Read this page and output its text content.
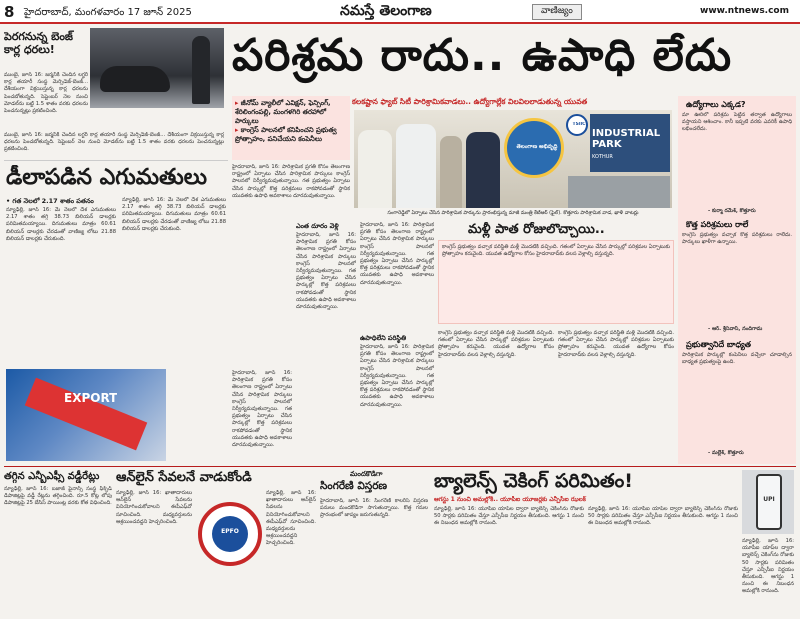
8 హైదరాబాద్, మంగళవారం 17 జూన్ 2025	నమస్తే తెలంగాణ	వాణిజ్యం	www.ntnews.com
పెరగనున్న బెంజ్ కార్ల ధరలు!
ముంబై, జూన్ 16: జర్మనీకి చెందిన లగ్జరీ కార్ల తయారీ సంస్థ మెర్సిడెజ్-బెంజ్... దేశీయంగా విక్రయిస్తున్న కార్ల ధరలను పెంచబోతున్నది. సెప్టెంబర్ నెల నుంచి మోడల్‌ను బట్టి 1.5 శాతం వరకు ధరలను పెంచనున్నట్లు ప్రకటించింది.
ముంబై, జూన్ 16: జర్మనీకి చెందిన లగ్జరీ కార్ల తయారీ సంస్థ మెర్సిడెజ్-బెంజ్... దేశీయంగా విక్రయిస్తున్న కార్ల ధరలను పెంచబోతున్నది. సెప్టెంబర్ నెల నుంచి మోడల్‌ను బట్టి 1.5 శాతం వరకు ధరలను పెంచనున్నట్లు ప్రకటించింది.
డీలాపడిన ఎగుమతులు
• గత నెలలో 2.17 శాతం పతనం
న్యూఢిల్లీ, జూన్ 16: మే నెలలో దేశ ఎగుమతులు 2.17 శాతం తగ్గి 38.73 బిలియన్ డాలర్లకు పరిమితమయ్యాయి. దిగుమతులు మాత్రం 60.61 బిలియన్ డాలర్లకు చేరడంతో వాణిజ్య లోటు 21.88 బిలియన్ డాలర్లకు చేరుకుంది.
న్యూఢిల్లీ, జూన్ 16: మే నెలలో దేశ ఎగుమతులు 2.17 శాతం తగ్గి 38.73 బిలియన్ డాలర్లకు పరిమితమయ్యాయి. దిగుమతులు మాత్రం 60.61 బిలియన్ డాలర్లకు చేరడంతో వాణిజ్య లోటు 21.88 బిలియన్ డాలర్లకు చేరుకుంది.
EXPORT
పరిశ్రమ రాదు.. ఉపాధి లేదు
▸ జీనోమ్ వ్యాలీలో ఎవిక్షన్, ఫెన్సింగ్, శేరిలింగంపల్లి, మంగళగిరి తరహాలో పార్కులు
▸ కాంగ్రెస్ పాలనలో కనిపించని ప్రభుత్వ ప్రోత్సాహం, పనిచేయని కంపెనీలు
కలకష్టాన ఫ్యాబ్ సిటీ పారిశ్రామికవాడలు.. ఉద్యోగాల్లేక విలవిలలాడుతున్న యువత
తెలంగాణ అభివృద్ధి
TSIIC
INDUSTRIAL PARK
KOTHUR
సంగారెడ్డిలో ఏర్పాటు చేసిన పారిశ్రామిక పార్కును ప్రారంభిస్తున్న మాజీ మంత్రి కేటీఆర్ (ఫైల్). కొత్తూరు పారిశ్రామిక వాడ, ఖాళీ వాటర్లు
హైదరాబాద్, జూన్ 16: పారిశ్రామిక ప్రగతి కోసం తెలంగాణ రాష్ట్రంలో ఏర్పాటు చేసిన పారిశ్రామిక పార్కులు కాంగ్రెస్ పాలనలో నిర్వీర్యమవుతున్నాయి. గత ప్రభుత్వం ఏర్పాటు చేసిన పార్కుల్లో కొత్త పరిశ్రమలు రాకపోవడంతో స్థానిక యువతకు ఉపాధి అవకాశాలు దూరమవుతున్నాయి.
హైదరాబాద్, జూన్ 16: పారిశ్రామిక ప్రగతి కోసం తెలంగాణ రాష్ట్రంలో ఏర్పాటు చేసిన పారిశ్రామిక పార్కులు కాంగ్రెస్ పాలనలో నిర్వీర్యమవుతున్నాయి. గత ప్రభుత్వం ఏర్పాటు చేసిన పార్కుల్లో కొత్త పరిశ్రమలు రాకపోవడంతో స్థానిక యువతకు ఉపాధి అవకాశాలు దూరమవుతున్నాయి.
ఎంత దూరం వెళ్లి
హైదరాబాద్, జూన్ 16: పారిశ్రామిక ప్రగతి కోసం తెలంగాణ రాష్ట్రంలో ఏర్పాటు చేసిన పారిశ్రామిక పార్కులు కాంగ్రెస్ పాలనలో నిర్వీర్యమవుతున్నాయి. గత ప్రభుత్వం ఏర్పాటు చేసిన పార్కుల్లో కొత్త పరిశ్రమలు రాకపోవడంతో స్థానిక యువతకు ఉపాధి అవకాశాలు దూరమవుతున్నాయి.
హైదరాబాద్, జూన్ 16: పారిశ్రామిక ప్రగతి కోసం తెలంగాణ రాష్ట్రంలో ఏర్పాటు చేసిన పారిశ్రామిక పార్కులు కాంగ్రెస్ పాలనలో నిర్వీర్యమవుతున్నాయి. గత ప్రభుత్వం ఏర్పాటు చేసిన పార్కుల్లో కొత్త పరిశ్రమలు రాకపోవడంతో స్థానిక యువతకు ఉపాధి అవకాశాలు దూరమవుతున్నాయి.
ఉపాధిలేని పరిస్థితి
హైదరాబాద్, జూన్ 16: పారిశ్రామిక ప్రగతి కోసం తెలంగాణ రాష్ట్రంలో ఏర్పాటు చేసిన పారిశ్రామిక పార్కులు కాంగ్రెస్ పాలనలో నిర్వీర్యమవుతున్నాయి. గత ప్రభుత్వం ఏర్పాటు చేసిన పార్కుల్లో కొత్త పరిశ్రమలు రాకపోవడంతో స్థానిక యువతకు ఉపాధి అవకాశాలు దూరమవుతున్నాయి.
మళ్లీ పాత రోజులొచ్చాయి..
కాంగ్రెస్ ప్రభుత్వం వచ్చాక పరిస్థితి మళ్లీ మొదటికి వచ్చింది. గతంలో ఏర్పాటు చేసిన పార్కుల్లో పరిశ్రమల ఏర్పాటుకు ప్రోత్సాహం కరువైంది. యువత ఉద్యోగాల కోసం హైదరాబాద్‌కు వలస వెళ్లాల్సి వస్తున్నది.
కాంగ్రెస్ ప్రభుత్వం వచ్చాక పరిస్థితి మళ్లీ మొదటికి వచ్చింది. గతంలో ఏర్పాటు చేసిన పార్కుల్లో పరిశ్రమల ఏర్పాటుకు ప్రోత్సాహం కరువైంది. యువత ఉద్యోగాల కోసం హైదరాబాద్‌కు వలస వెళ్లాల్సి వస్తున్నది.
కాంగ్రెస్ ప్రభుత్వం వచ్చాక పరిస్థితి మళ్లీ మొదటికి వచ్చింది. గతంలో ఏర్పాటు చేసిన పార్కుల్లో పరిశ్రమల ఏర్పాటుకు ప్రోత్సాహం కరువైంది. యువత ఉద్యోగాల కోసం హైదరాబాద్‌కు వలస వెళ్లాల్సి వస్తున్నది.
ఉద్యోగాలు ఎక్కడ?
మా ఊరిలో పరిశ్రమ పెట్టిన తర్వాత ఉద్యోగాలు వస్తాయని ఆశించాం. కానీ ఇప్పటి వరకు ఎవరికీ ఉపాధి లభించలేదు.
- కుర్మా రమేశ్, కొత్తూరు
కొత్త పరిశ్రమలు రాలే
కాంగ్రెస్ ప్రభుత్వం వచ్చాక కొత్త పరిశ్రమలు రాలేదు. పార్కులు ఖాళీగా ఉన్నాయి.
- ఆర్. శ్రీనివాస్, నందిగామ
ప్రభుత్వానిదే బాధ్యత
పారిశ్రామిక పార్కుల్లో కంపెనీలు వచ్చేలా చూడాల్సిన బాధ్యత ప్రభుత్వంపై ఉంది.
- మల్లేశ్, కొత్తూరు
తగ్గిన ఎన్బీఎఫ్సీ వడ్డీరేట్లు
న్యూఢిల్లీ, జూన్ 16: బజాజ్ ఫైనాన్స్ సంస్థ ఫిక్స్‌డ్ డిపాజిట్లపై వడ్డీ రేట్లను తగ్గించింది. రూ.5 కోట్ల లోపు డిపాజిట్లపై 25 బేసిస్ పాయింట్ల వరకు కోత విధించింది.
ఆన్‌లైన్ సేవలనే వాడుకోండి
న్యూఢిల్లీ, జూన్ 16: ఖాతాదారులు ఆన్‌లైన్ సేవలను వినియోగించుకోవాలని ఈపీఎఫ్‌వో సూచించింది. మధ్యవర్తులను ఆశ్రయించవద్దని హెచ్చరించింది.
EPFO
న్యూఢిల్లీ, జూన్ 16: ఖాతాదారులు ఆన్‌లైన్ సేవలను వినియోగించుకోవాలని ఈపీఎఫ్‌వో సూచించింది. మధ్యవర్తులను ఆశ్రయించవద్దని హెచ్చరించింది.
మందకొడిగా
సింగరేణి విస్తరణ
హైదరాబాద్, జూన్ 16: సింగరేణి కాలరీస్ విస్తరణ పనులు మందకొడిగా సాగుతున్నాయి. కొత్త గనుల ప్రారంభంలో జాప్యం జరుగుతున్నది.
బ్యాలెన్స్ చెకింగ్ పరిమితం!
ఆగస్టు 1 నుంచి అమల్లోకి.. యూపీఐ యూజర్లకు ఎన్పీసీఐ ఝలక్
న్యూఢిల్లీ, జూన్ 16: యూపీఐ యాప్‌ల ద్వారా బ్యాలెన్స్ చెకింగ్‌ను రోజుకు 50 సార్లకు పరిమితం చేస్తూ ఎన్పీసీఐ నిర్ణయం తీసుకుంది. ఆగస్టు 1 నుంచి ఈ నిబంధన అమల్లోకి రానుంది.
న్యూఢిల్లీ, జూన్ 16: యూపీఐ యాప్‌ల ద్వారా బ్యాలెన్స్ చెకింగ్‌ను రోజుకు 50 సార్లకు పరిమితం చేస్తూ ఎన్పీసీఐ నిర్ణయం తీసుకుంది. ఆగస్టు 1 నుంచి ఈ నిబంధన అమల్లోకి రానుంది.
UPI
న్యూఢిల్లీ, జూన్ 16: యూపీఐ యాప్‌ల ద్వారా బ్యాలెన్స్ చెకింగ్‌ను రోజుకు 50 సార్లకు పరిమితం చేస్తూ ఎన్పీసీఐ నిర్ణయం తీసుకుంది. ఆగస్టు 1 నుంచి ఈ నిబంధన అమల్లోకి రానుంది.
